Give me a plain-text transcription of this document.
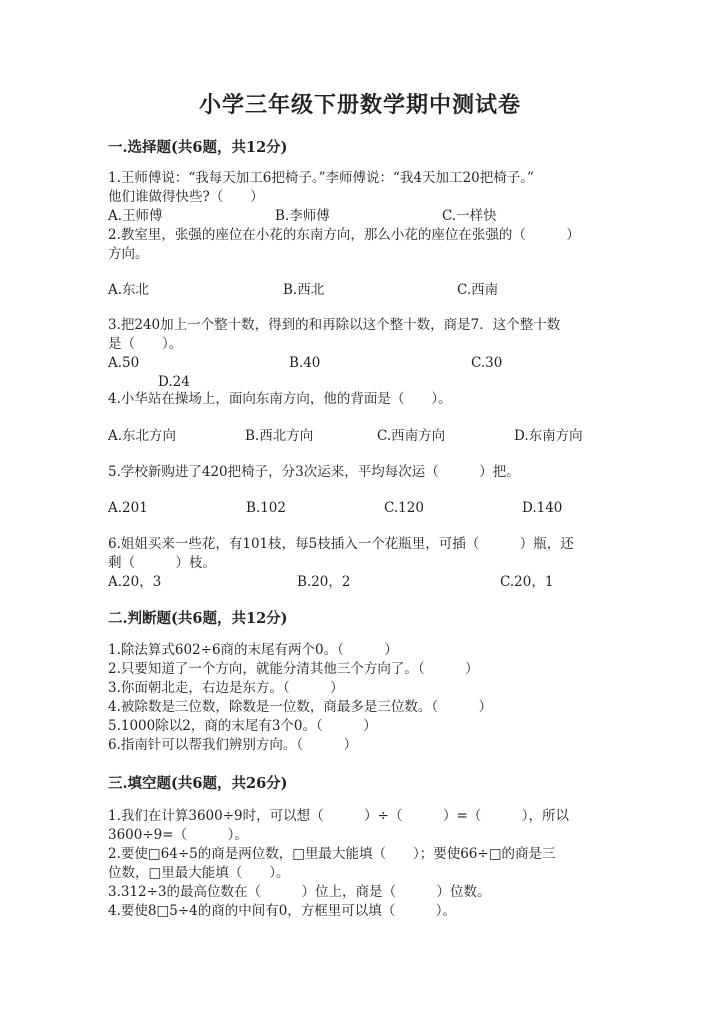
小学三年级下册数学期中测试卷
一.选择题(共6题，共12分)
1.王师傅说：“我每天加工6把椅子。”李师傅说：“我4天加工20把椅子。”
他们谁做得快些?（　　）
A.王师傅	B.李师傅	C.一样快
2.教室里，张强的座位在小花的东南方向，那么小花的座位在张强的（　　　）
方向。
A.东北	B.西北	C.西南
3.把240加上一个整十数，得到的和再除以这个整十数，商是7．这个整十数
是（　　）。
A.50	B.40	C.30
D.24
4.小华站在操场上，面向东南方向，他的背面是（　　）。
A.东北方向	B.西北方向	C.西南方向	D.东南方向
5.学校新购进了420把椅子，分3次运来，平均每次运（　　　）把。
A.201	B.102	C.120	D.140
6.姐姐买来一些花，有101枝，每5枝插入一个花瓶里，可插（　　　）瓶，还
剩（　　　）枝。
A.20，3	B.20，2	C.20，1
二.判断题(共6题，共12分)
1.除法算式602÷6商的末尾有两个0。（　　　）
2.只要知道了一个方向，就能分清其他三个方向了。（　　　）
3.你面朝北走，右边是东方。（　　　）
4.被除数是三位数，除数是一位数，商最多是三位数。（　　　）
5.1000除以2，商的末尾有3个0。（　　　）
6.指南针可以帮我们辨别方向。（　　　）
三.填空题(共6题，共26分)
1.我们在计算3600÷9时，可以想（　　　）÷（　　　）=（　　　），所以
3600÷9=（　　　）。
2.要使□64÷5的商是两位数，□里最大能填（　　）；要使66÷□的商是三
位数，□里最大能填（　　）。
3.312÷3的最高位数在（　　　）位上，商是（　　　）位数。
4.要使8□5÷4的商的中间有0，方框里可以填（　　　）。
